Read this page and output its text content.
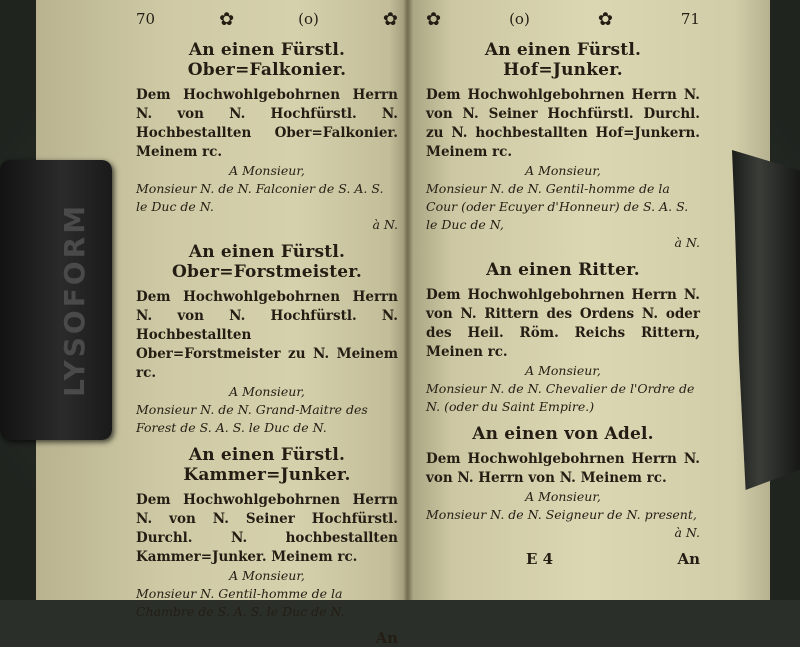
70	✿	(o)	✿
An einen Fürstl. Ober=Falkonier.
Dem Hochwohlgebohrnen Herrn N. von N. Hochfürstl. N. Hochbestallten Ober=Falkonier. Meinem rc.
A Monsieur,
Monsieur N. de N. Falconier de S. A. S. le Duc de N.
à N.
An einen Fürstl. Ober=Forstmeister.
Dem Hochwohlgebohrnen Herrn N. von N. Hochfürstl. N. Hochbestallten Ober=Forstmeister zu N. Meinem rc.
A Monsieur,
Monsieur N. de N. Grand-Maitre des Forest de S. A. S. le Duc de N.
An einen Fürstl. Kammer=Junker.
Dem Hochwohlgebohrnen Herrn N. von N. Seiner Hochfürstl. Durchl. N. hochbestallten Kammer=Junker. Meinem rc.
A Monsieur,
Monsieur N. Gentil-homme de la Chambre de S. A. S. le Duc de N.
An
✿	(o)	✿	71
An einen Fürstl. Hof=Junker.
Dem Hochwohlgebohrnen Herrn N. von N. Seiner Hochfürstl. Durchl. zu N. hochbestallten Hof=Junkern. Meinem rc.
A Monsieur,
Monsieur N. de N. Gentil-homme de la Cour (oder Ecuyer d'Honneur) de S. A. S. le Duc de N,
à N.
An einen Ritter.
Dem Hochwohlgebohrnen Herrn N. von N. Rittern des Ordens N. oder des Heil. Röm. Reichs Rittern, Meinen rc.
A Monsieur,
Monsieur N. de N. Chevalier de l'Ordre de N. (oder du Saint Empire.)
An einen von Adel.
Dem Hochwohlgebohrnen Herrn N. von N. Herrn von N. Meinem rc.
A Monsieur,
Monsieur N. de N. Seigneur de N. present,
à N.
E 4	An
LYSOFORM
